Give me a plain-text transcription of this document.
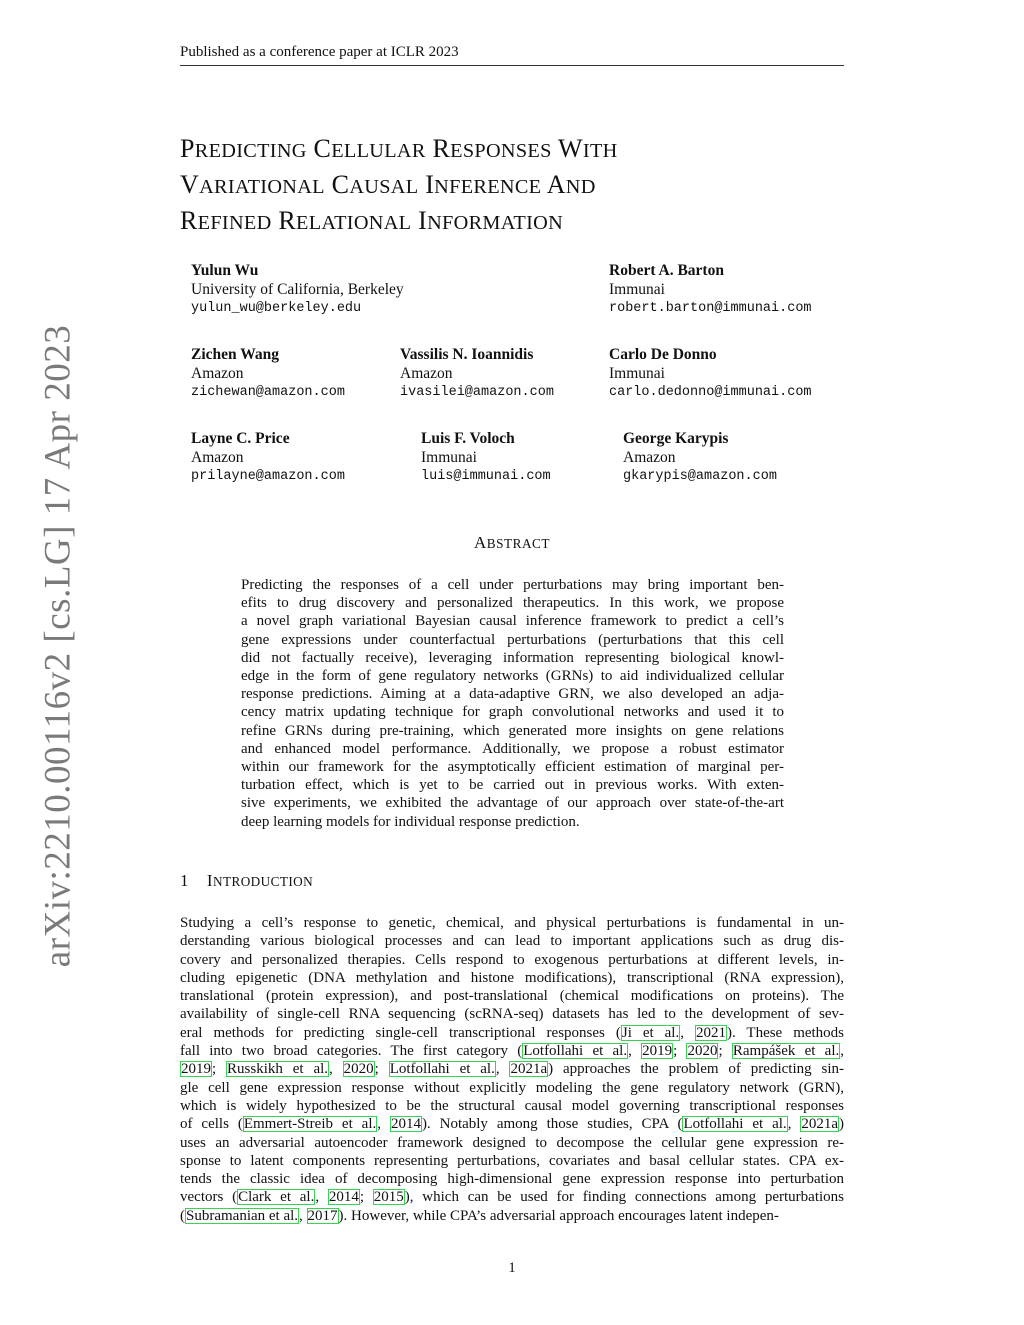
Published as a conference paper at ICLR 2023
PREDICTING CELLULAR RESPONSES WITH
VARIATIONAL CAUSAL INFERENCE AND
REFINED RELATIONAL INFORMATION
Yulun Wu
University of California, Berkeley
yulun_wu@berkeley.edu
Robert A. Barton
Immunai
robert.barton@immunai.com
Zichen Wang
Amazon
zichewan@amazon.com
Vassilis N. Ioannidis
Amazon
ivasilei@amazon.com
Carlo De Donno
Immunai
carlo.dedonno@immunai.com
Layne C. Price
Amazon
prilayne@amazon.com
Luis F. Voloch
Immunai
luis@immunai.com
George Karypis
Amazon
gkarypis@amazon.com
ABSTRACT
Predicting the responses of a cell under perturbations may bring important ben-
efits to drug discovery and personalized therapeutics. In this work, we propose
a novel graph variational Bayesian causal inference framework to predict a cell’s
gene expressions under counterfactual perturbations (perturbations that this cell
did not factually receive), leveraging information representing biological knowl-
edge in the form of gene regulatory networks (GRNs) to aid individualized cellular
response predictions. Aiming at a data-adaptive GRN, we also developed an adja-
cency matrix updating technique for graph convolutional networks and used it to
refine GRNs during pre-training, which generated more insights on gene relations
and enhanced model performance. Additionally, we propose a robust estimator
within our framework for the asymptotically efficient estimation of marginal per-
turbation effect, which is yet to be carried out in previous works. With exten-
sive experiments, we exhibited the advantage of our approach over state-of-the-art
deep learning models for individual response prediction.
1 INTRODUCTION
Studying a cell’s response to genetic, chemical, and physical perturbations is fundamental in un-
derstanding various biological processes and can lead to important applications such as drug dis-
covery and personalized therapies. Cells respond to exogenous perturbations at different levels, in-
cluding epigenetic (DNA methylation and histone modifications), transcriptional (RNA expression),
translational (protein expression), and post-translational (chemical modifications on proteins). The
availability of single-cell RNA sequencing (scRNA-seq) datasets has led to the development of sev-
eral methods for predicting single-cell transcriptional responses (Ji et al., 2021). These methods
fall into two broad categories. The first category (Lotfollahi et al., 2019; 2020; Rampášek et al.,
2019; Russkikh et al., 2020; Lotfollahi et al., 2021a) approaches the problem of predicting sin-
gle cell gene expression response without explicitly modeling the gene regulatory network (GRN),
which is widely hypothesized to be the structural causal model governing transcriptional responses
of cells (Emmert-Streib et al., 2014). Notably among those studies, CPA (Lotfollahi et al., 2021a)
uses an adversarial autoencoder framework designed to decompose the cellular gene expression re-
sponse to latent components representing perturbations, covariates and basal cellular states. CPA ex-
tends the classic idea of decomposing high-dimensional gene expression response into perturbation
vectors (Clark et al., 2014; 2015), which can be used for finding connections among perturbations
(Subramanian et al., 2017). However, while CPA’s adversarial approach encourages latent indepen-
1
arXiv:2210.00116v2 [cs.LG] 17 Apr 2023
